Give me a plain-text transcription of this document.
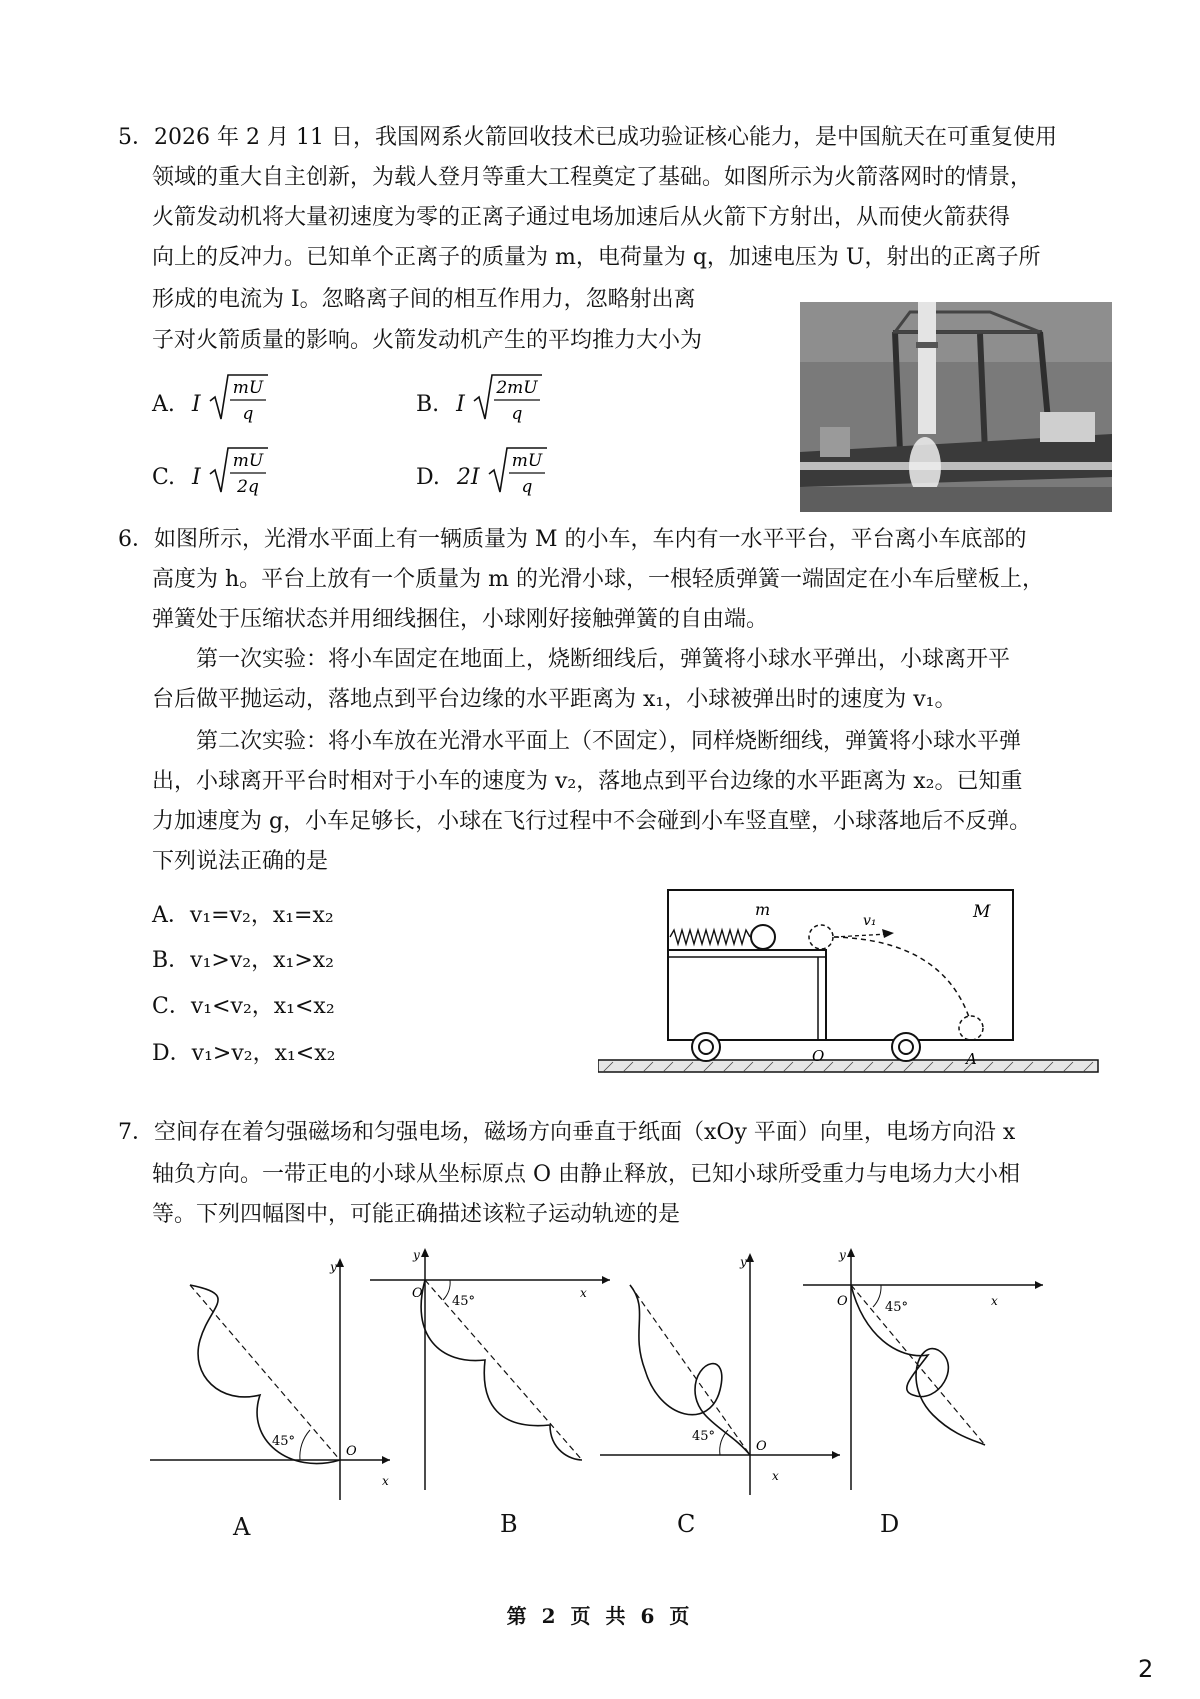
5．2026 年 2 月 11 日，我国网系火箭回收技术已成功验证核心能力，是中国航天在可重复使用
领域的重大自主创新，为载人登月等重大工程奠定了基础。如图所示为火箭落网时的情景，
火箭发动机将大量初速度为零的正离子通过电场加速后从火箭下方射出，从而使火箭获得
向上的反冲力。已知单个正离子的质量为 m，电荷量为 q，加速电压为 U，射出的正离子所
形成的电流为 I。忽略离子间的相互作用力，忽略射出离
子对火箭质量的影响。火箭发动机产生的平均推力大小为
A. I
mU
q	B. I
2mU
q
C. I
mU
2q	D. 2I
mU
q
6．如图所示，光滑水平面上有一辆质量为 M 的小车，车内有一水平平台，平台离小车底部的
高度为 h。平台上放有一个质量为 m 的光滑小球，一根轻质弹簧一端固定在小车后壁板上，
弹簧处于压缩状态并用细线捆住，小球刚好接触弹簧的自由端。
第一次实验：将小车固定在地面上，烧断细线后，弹簧将小球水平弹出，小球离开平
台后做平抛运动，落地点到平台边缘的水平距离为 x₁，小球被弹出时的速度为 v₁。
第二次实验：将小车放在光滑水平面上（不固定），同样烧断细线，弹簧将小球水平弹
出，小球离开平台时相对于小车的速度为 v₂，落地点到平台边缘的水平距离为 x₂。已知重
力加速度为 g，小车足够长，小球在飞行过程中不会碰到小车竖直壁，小球落地后不反弹。
下列说法正确的是
A．v₁=v₂，x₁=x₂
B．v₁>v₂，x₁>x₂
C．v₁<v₂，x₁<x₂
D．v₁>v₂，x₁<x₂
m
v₁	M
O	A
7．空间存在着匀强磁场和匀强电场，磁场方向垂直于纸面（xOy 平面）向里，电场方向沿 x
轴负方向。一带正电的小球从坐标原点 O 由静止释放，已知小球所受重力与电场力大小相
等。下列四幅图中，可能正确描述该粒子运动轨迹的是
y
x
O
45°
A
y
x
O
45°
B
y
x
O
45°
C
y
x
O	45°
D
第 2 页 共 6 页
2
